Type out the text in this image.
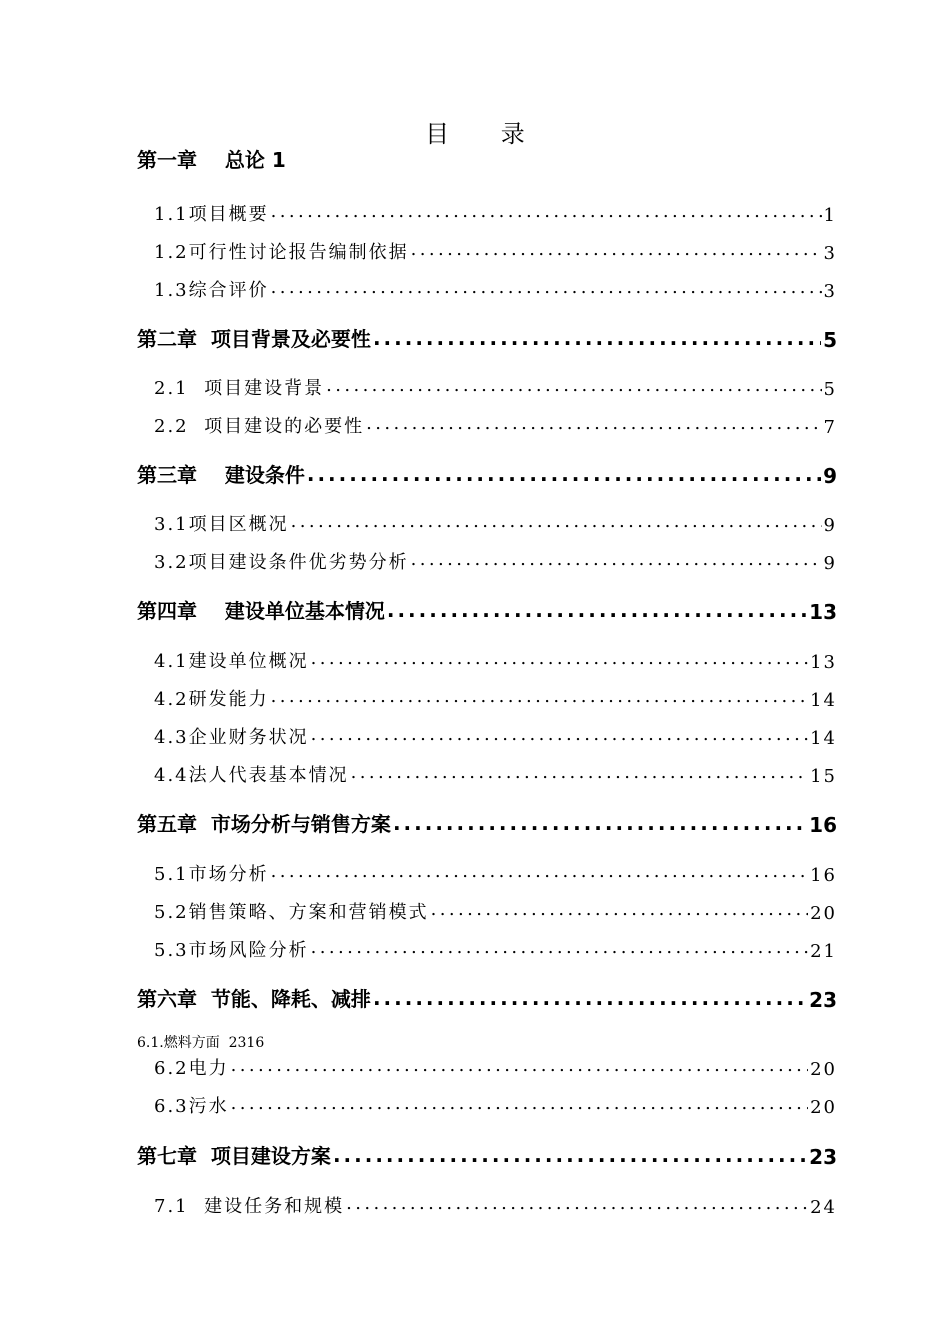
目 录
第一章    总论 1
1.1项目概要 .....	1
1.2可行性讨论报告编制依据 .....	3
1.3综合评价 .....	3
第二章  项目背景及必要性 .....	5
2.1  项目建设背景 .....	5
2.2  项目建设的必要性 .....	7
第三章    建设条件 .....	9
3.1项目区概况 .....	9
3.2项目建设条件优劣势分析 .....	9
第四章    建设单位基本情况 .....	13
4.1建设单位概况 .....	13
4.2研发能力 .....	14
4.3企业财务状况 .....	14
4.4法人代表基本情况 .....	15
第五章  市场分析与销售方案 .....	16
5.1市场分析 .....	16
5.2销售策略、方案和营销模式 .....	20
5.3市场风险分析 .....	21
第六章  节能、降耗、减排 .....	23
6.1.燃料方面  2316
6.2电力 .....	20
6.3污水 .....	20
第七章  项目建设方案 .....	23
7.1  建设任务和规模 .....	24
